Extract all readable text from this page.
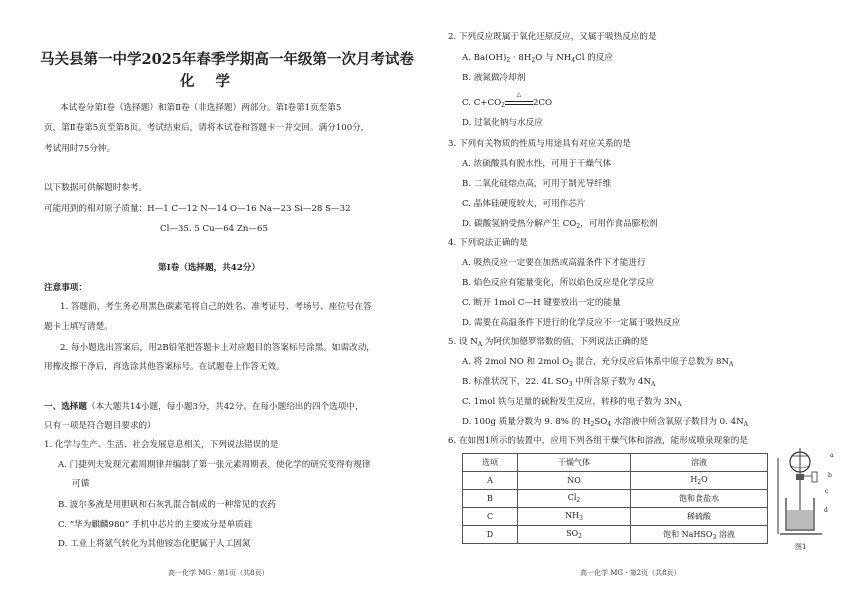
马关县第一中学2025年春季学期高一年级第一次月考试卷
化 学
本试卷分第Ⅰ卷（选择题）和第Ⅱ卷（非选择题）两部分。第Ⅰ卷第1页至第5
页，第Ⅱ卷第5页至第8页。考试结束后，请将本试卷和答题卡一并交回。满分100分，
考试用时75分钟。
以下数据可供解题时参考。
可能用到的相对原子质量：H—1 C—12 N—14 O—16 Na—23 Si—28 S—32
Cl—35. 5 Cu—64 Zn—65
第Ⅰ卷（选择题，共42分）
注意事项：
1. 答题前，考生务必用黑色碳素笔将自己的姓名、准考证号、考场号、座位号在答
题卡上填写清楚。
2. 每小题选出答案后，用2B铅笔把答题卡上对应题目的答案标号涂黑。如需改动，
用橡皮擦干净后，再选涂其他答案标号。在试题卷上作答无效。
一、选择题（本大题共14小题，每小题3分，共42分。在每小题给出的四个选项中，
只有一项是符合题目要求的）
1. 化学与生产、生活、社会发展息息相关，下列说法错误的是
A. 门捷列夫发现元素周期律并编制了第一张元素周期表，使化学的研究变得有规律
可循
B. 波尔多液是用胆矾和石灰乳混合制成的一种常见的农药
C. “华为麒麟980” 手机中芯片的主要成分是单质硅
D. 工业上将氨气转化为其他铵态化肥属于人工固氮
高一化学 MG · 第1页（共8页）
2. 下列反应既属于氧化还原反应，又属于吸热反应的是
A. $Ba(OH)_2 \cdot 8H_2O$ 与 $NH_4Cl$ 的反应
B. 液氮做冷却剂
C. $C+CO_2$
△
2CO
D. 过氧化钠与水反应
3. 下列有关物质的性质与用途具有对应关系的是
A. 浓硫酸具有脱水性，可用于干燥气体
B. 二氧化硅熔点高，可用于制光导纤维
C. 晶体硅硬度较大，可用作芯片
D. 碳酸氢钠受热分解产生 $CO_2$，可用作食品膨松剂
4. 下列说法正确的是
A. 吸热反应一定要在加热或高温条件下才能进行
B. 焰色反应有能量变化，所以焰色反应是化学反应
C. 断开 1mol C—H 键要放出一定的能量
D. 需要在高温条件下进行的化学反应不一定属于吸热反应
5. 设 $N_A$ 为阿伏加德罗常数的值，下列说法正确的是
A. 将 2mol NO 和 2mol $O_2$ 混合，充分反应后体系中原子总数为 $8N_A$
B. 标准状况下，22. 4L $SO_3$ 中所含原子数为 $4N_A$
C. 1mol 铁与足量的硫粉发生反应，转移的电子数为 $3N_A$
D. 100g 质量分数为 9. 8% 的 $H_2SO_4$ 水溶液中所含氧原子数目为 0. $4N_A$
6. 在如图1所示的装置中，应用下列各组干燥气体和溶液，能形成喷泉现象的是
选项	干燥气体	溶液
A	NO	$H_2O$
B	$Cl_2$	饱和食盐水
C	$NH_3$	稀硫酸
D	$SO_2$	饱和 NaHSO$_3$ 溶液
a
b
c
d
图1
高一化学 MG · 第2页（共8页）
